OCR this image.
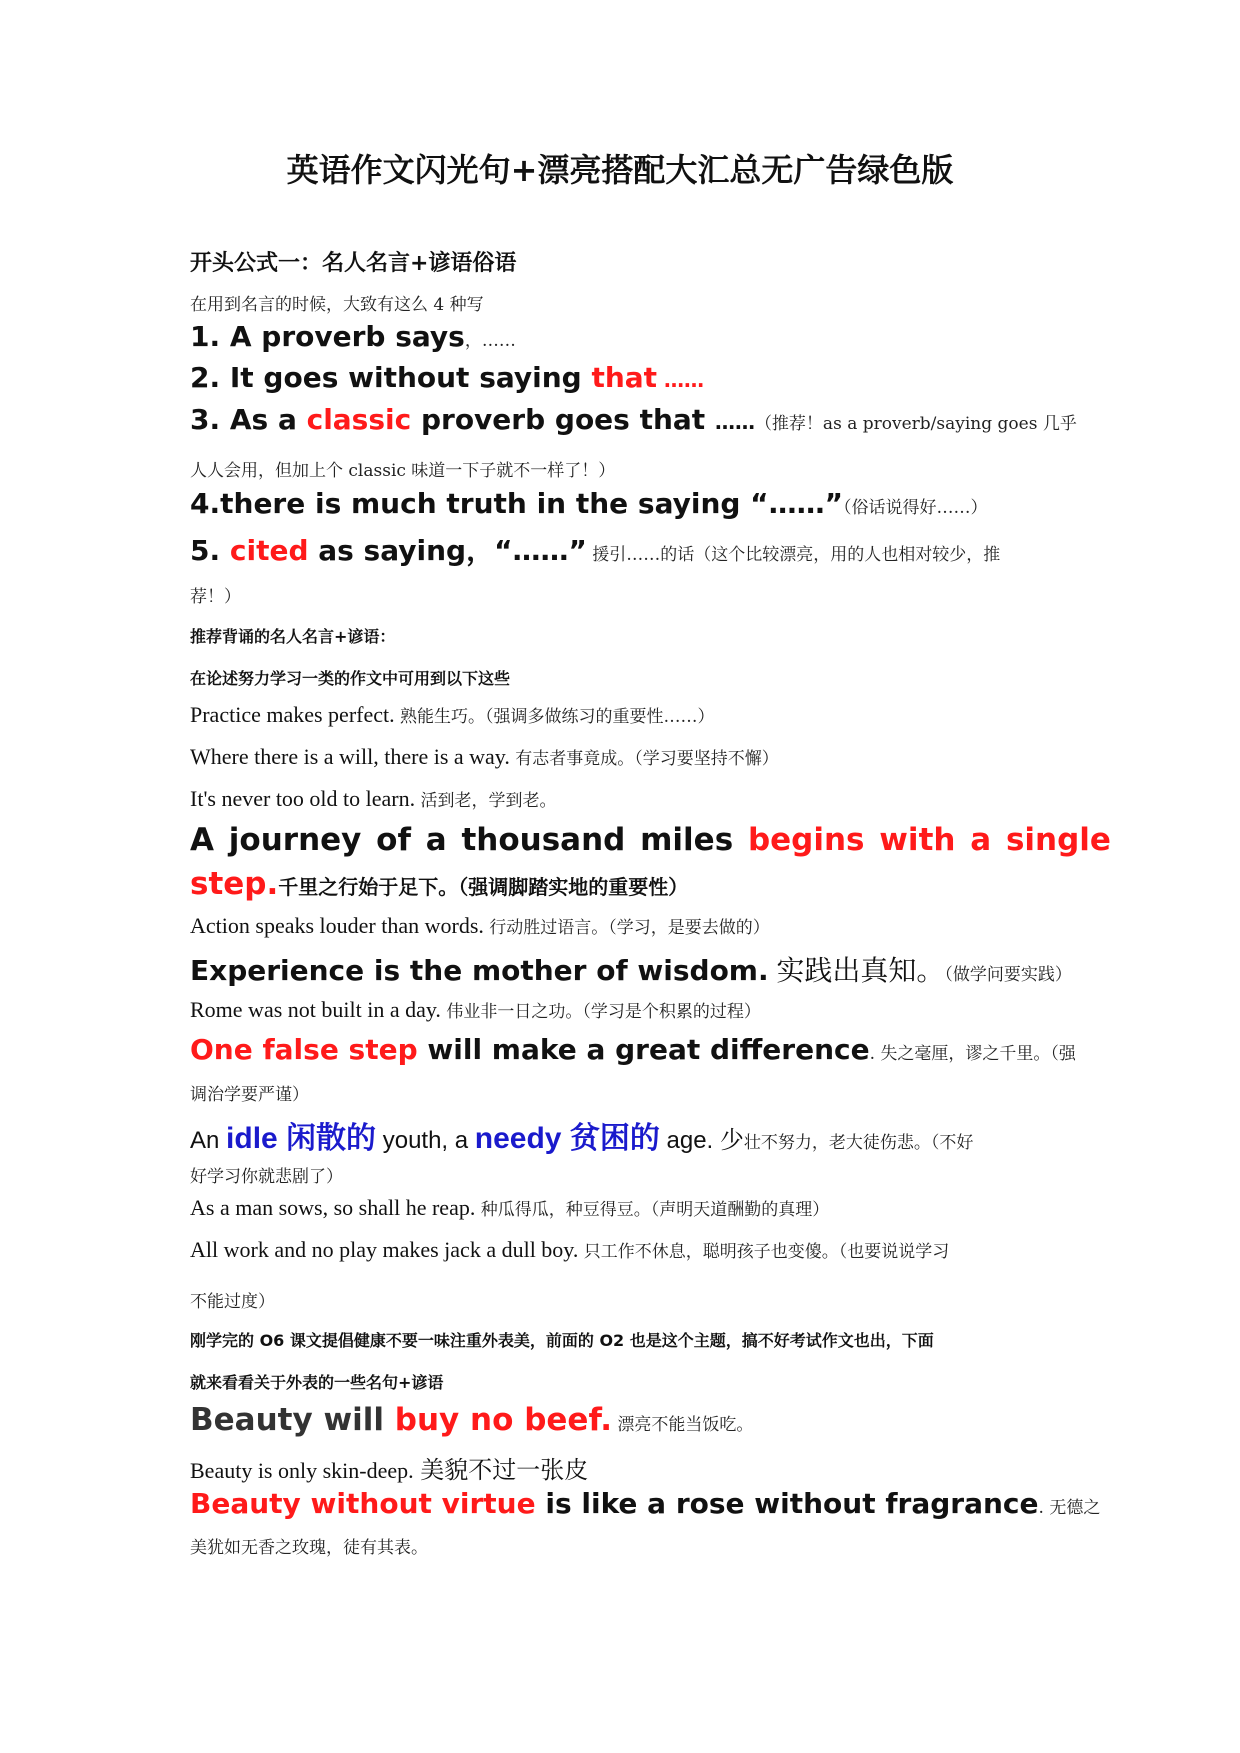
英语作文闪光句+漂亮搭配大汇总无广告绿色版
开头公式一：名人名言+谚语俗语
在用到名言的时候，大致有这么 4 种写
1. A proverb says，……
2. It goes without saying that ……
3. As a classic proverb goes that ……（推荐！as a proverb/saying goes 几乎
人人会用，但加上个 classic 味道一下子就不一样了！）
4.there is much truth in the saying “……”（俗话说得好……）
5. cited as saying，“……” 援引……的话（这个比较漂亮，用的人也相对较少，推
荐！）
推荐背诵的名人名言+谚语：
在论述努力学习一类的作文中可用到以下这些
Practice makes perfect. 熟能生巧。（强调多做练习的重要性……）
Where there is a will, there is a way. 有志者事竟成。（学习要坚持不懈）
It's never too old to learn. 活到老，学到老。
A journey of a thousand miles begins with a single
step.千里之行始于足下。（强调脚踏实地的重要性）
Action speaks louder than words. 行动胜过语言。（学习，是要去做的）
Experience is the mother of wisdom. 实践出真知。（做学问要实践）
Rome was not built in a day. 伟业非一日之功。（学习是个积累的过程）
One false step will make a great difference. 失之毫厘，谬之千里。（强
调治学要严谨）
An idle 闲散的 youth, a needy 贫困的 age. 少壮不努力，老大徒伤悲。（不好
好学习你就悲剧了）
As a man sows, so shall he reap. 种瓜得瓜，种豆得豆。（声明天道酬勤的真理）
All work and no play makes jack a dull boy. 只工作不休息，聪明孩子也变傻。（也要说说学习
不能过度）
刚学完的 O6 课文提倡健康不要一味注重外表美，前面的 O2 也是这个主题，搞不好考试作文也出，下面
就来看看关于外表的一些名句+谚语
Beauty will buy no beef. 漂亮不能当饭吃。
Beauty is only skin-deep. 美貌不过一张皮
Beauty without virtue is like a rose without fragrance. 无德之
美犹如无香之玫瑰，徒有其表。
